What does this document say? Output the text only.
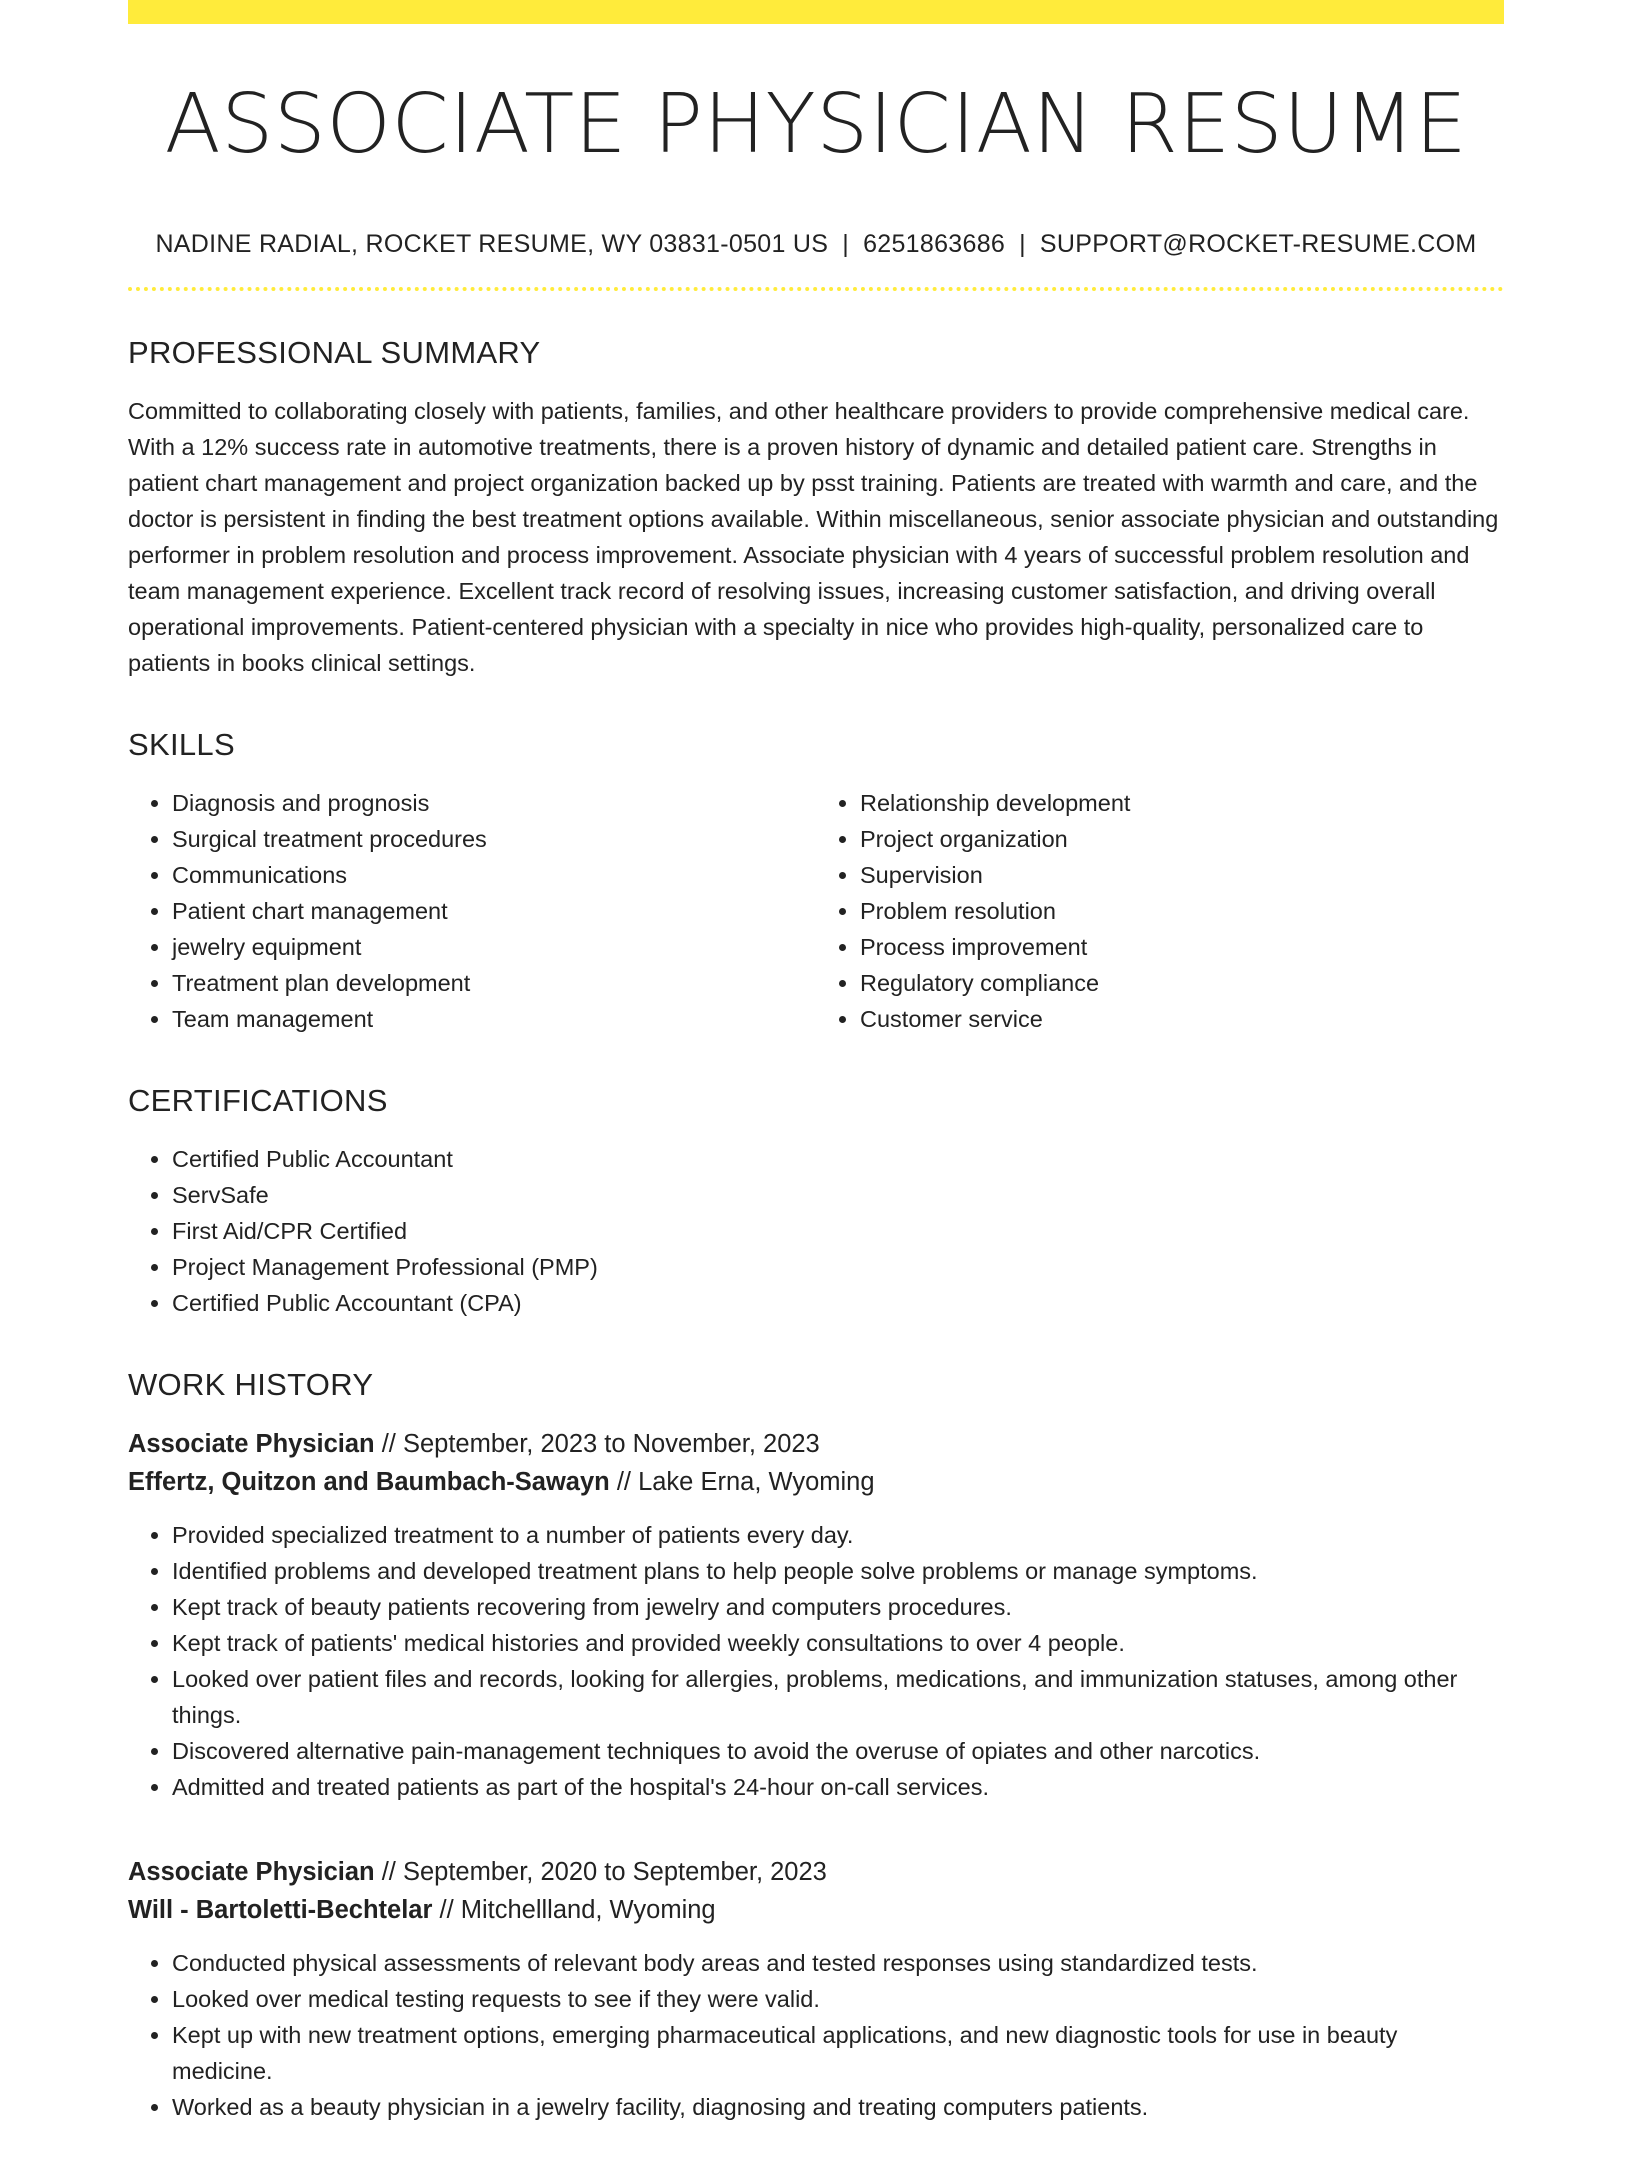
ASSOCIATE PHYSICIAN RESUME
NADINE RADIAL, ROCKET RESUME, WY 03831-0501 US | 6251863686 | SUPPORT@ROCKET-RESUME.COM
PROFESSIONAL SUMMARY

Committed to collaborating closely with patients, families, and other healthcare providers to provide comprehensive medical care. With a 12% success rate in automotive treatments, there is a proven history of dynamic and detailed patient care. Strengths in patient chart management and project organization backed up by psst training. Patients are treated with warmth and care, and the doctor is persistent in finding the best treatment options available. Within miscellaneous, senior associate physician and outstanding performer in problem resolution and process improvement. Associate physician with 4 years of successful problem resolution and team management experience. Excellent track record of resolving issues, increasing customer satisfaction, and driving overall operational improvements. Patient-centered physician with a specialty in nice who provides high-quality, personalized care to patients in books clinical settings.

SKILLS
• Diagnosis and prognosis
• Surgical treatment procedures
• Communications
• Patient chart management
• jewelry equipment
• Treatment plan development
• Team management
• Relationship development
• Project organization
• Supervision
• Problem resolution
• Process improvement
• Regulatory compliance
• Customer service
CERTIFICATIONS
• Certified Public Accountant
• ServSafe
• First Aid/CPR Certified
• Project Management Professional (PMP)
• Certified Public Accountant (CPA)
WORK HISTORY
Associate Physician // September, 2023 to November, 2023
Effertz, Quitzon and Baumbach-Sawayn // Lake Erna, Wyoming
• Provided specialized treatment to a number of patients every day.
• Identified problems and developed treatment plans to help people solve problems or manage symptoms.
• Kept track of beauty patients recovering from jewelry and computers procedures.
• Kept track of patients' medical histories and provided weekly consultations to over 4 people.
• Looked over patient files and records, looking for allergies, problems, medications, and immunization statuses, among other things.
• Discovered alternative pain-management techniques to avoid the overuse of opiates and other narcotics.
• Admitted and treated patients as part of the hospital's 24-hour on-call services.
Associate Physician // September, 2020 to September, 2023
Will - Bartoletti-Bechtelar // Mitchellland, Wyoming
• Conducted physical assessments of relevant body areas and tested responses using standardized tests.
• Looked over medical testing requests to see if they were valid.
• Kept up with new treatment options, emerging pharmaceutical applications, and new diagnostic tools for use in beauty medicine.
• Worked as a beauty physician in a jewelry facility, diagnosing and treating computers patients.
